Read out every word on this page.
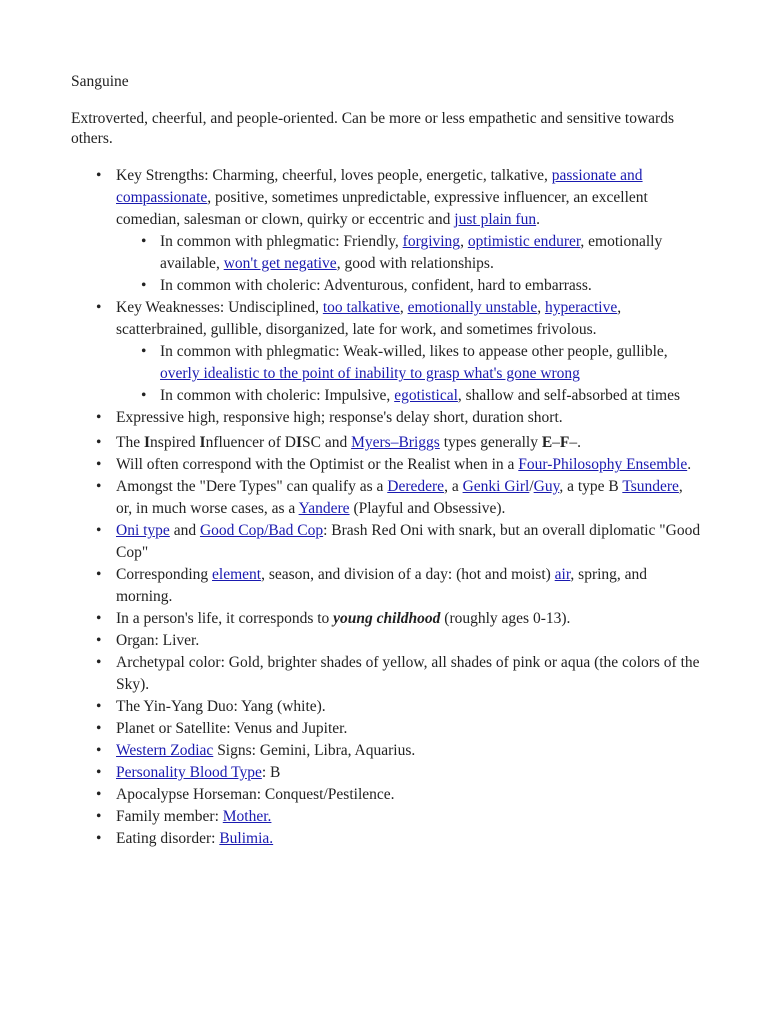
Sanguine
Extroverted, cheerful, and people-oriented. Can be more or less empathetic and sensitive towards others.
• Key Strengths: Charming, cheerful, loves people, energetic, talkative, passionate and compassionate, positive, sometimes unpredictable, expressive influencer, an excellent comedian, salesman or clown, quirky or eccentric and just plain fun.
• In common with phlegmatic: Friendly, forgiving, optimistic endurer, emotionally available, won't get negative, good with relationships.
• In common with choleric: Adventurous, confident, hard to embarrass.
• Key Weaknesses: Undisciplined, too talkative, emotionally unstable, hyperactive, scatterbrained, gullible, disorganized, late for work, and sometimes frivolous.
• In common with phlegmatic: Weak-willed, likes to appease other people, gullible, overly idealistic to the point of inability to grasp what's gone wrong
• In common with choleric: Impulsive, egotistical, shallow and self-absorbed at times
• Expressive high, responsive high; response's delay short, duration short.
• The Inspired Influencer of DISC and Myers–Briggs types generally E–F–.
• Will often correspond with the Optimist or the Realist when in a Four-Philosophy Ensemble.
• Amongst the "Dere Types" can qualify as a Deredere, a Genki Girl/Guy, a type B Tsundere, or, in much worse cases, as a Yandere (Playful and Obsessive).
• Oni type and Good Cop/Bad Cop: Brash Red Oni with snark, but an overall diplomatic "Good Cop"
• Corresponding element, season, and division of a day: (hot and moist) air, spring, and morning.
• In a person's life, it corresponds to young childhood (roughly ages 0-13).
• Organ: Liver.
• Archetypal color: Gold, brighter shades of yellow, all shades of pink or aqua (the colors of the Sky).
• The Yin-Yang Duo: Yang (white).
• Planet or Satellite: Venus and Jupiter.
• Western Zodiac Signs: Gemini, Libra, Aquarius.
• Personality Blood Type: B
• Apocalypse Horseman: Conquest/Pestilence.
• Family member: Mother.
• Eating disorder: Bulimia.
